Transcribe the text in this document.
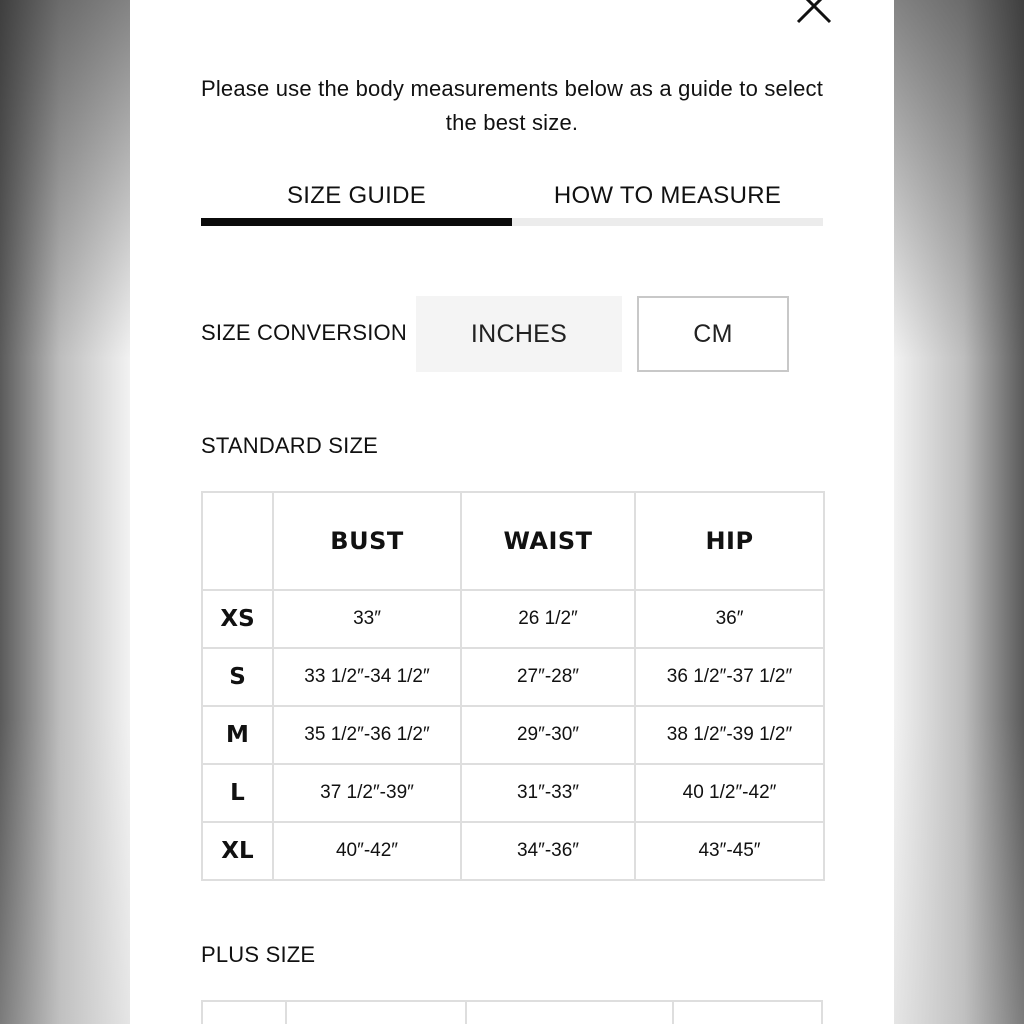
Please use the body measurements below as a guide to select the best size.
SIZE GUIDE	HOW TO MEASURE
SIZE CONVERSION	INCHES	CM
STANDARD SIZE
	BUST	WAIST	HIP
XS	33″	26 1/2″	36″
S	33 1/2″-34 1/2″	27″-28″	36 1/2″-37 1/2″
M	35 1/2″-36 1/2″	29″-30″	38 1/2″-39 1/2″
L	37 1/2″-39″	31″-33″	40 1/2″-42″
XL	40″-42″	34″-36″	43″-45″
PLUS SIZE
